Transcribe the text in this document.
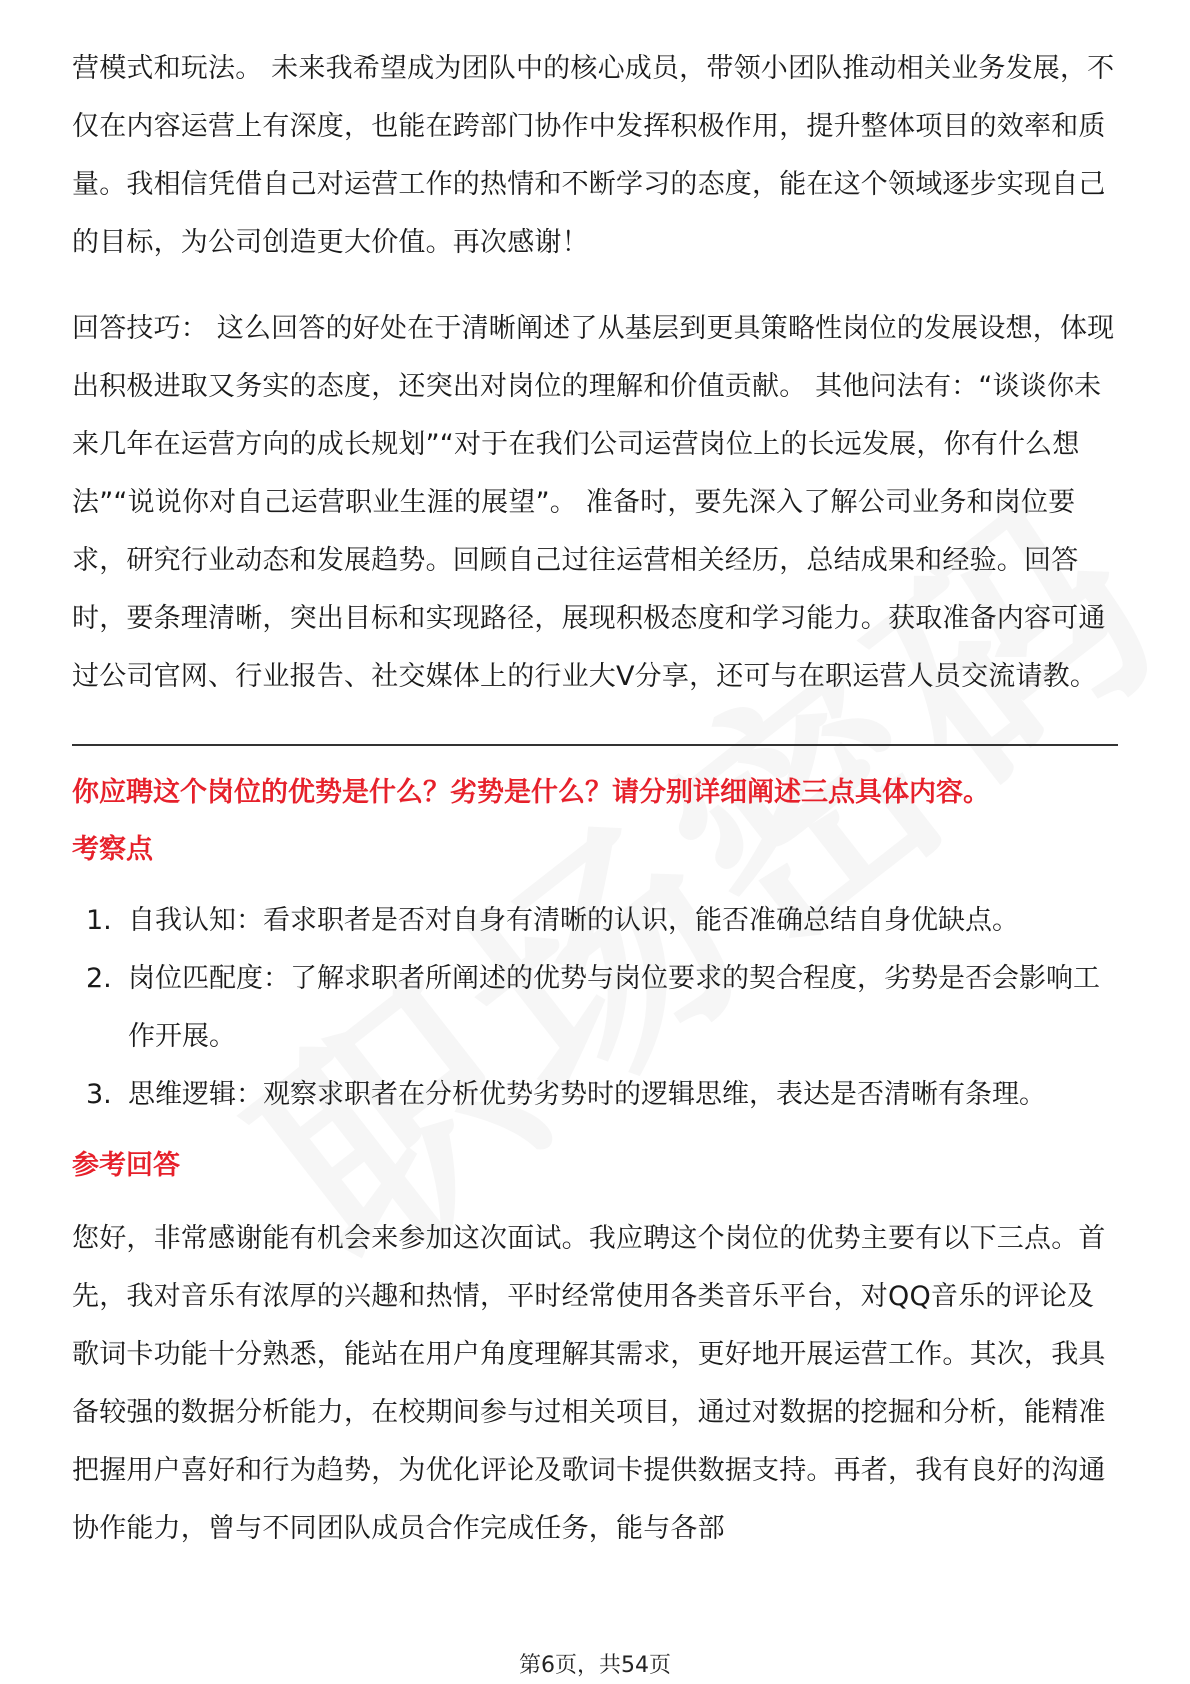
营模式和玩法。 未来我希望成为团队中的核心成员，带领小团队推动相关业务发展，不仅在内容运营上有深度，也能在跨部门协作中发挥积极作用，提升整体项目的效率和质量。我相信凭借自己对运营工作的热情和不断学习的态度，能在这个领域逐步实现自己的目标，为公司创造更大价值。再次感谢！

回答技巧： 这么回答的好处在于清晰阐述了从基层到更具策略性岗位的发展设想，体现出积极进取又务实的态度，还突出对岗位的理解和价值贡献。 其他问法有：“谈谈你未来几年在运营方向的成长规划”“对于在我们公司运营岗位上的长远发展，你有什么想法”“说说你对自己运营职业生涯的展望”。 准备时，要先深入了解公司业务和岗位要求，研究行业动态和发展趋势。回顾自己过往运营相关经历，总结成果和经验。回答时，要条理清晰，突出目标和实现路径，展现积极态度和学习能力。获取准备内容可通过公司官网、行业报告、社交媒体上的行业大V分享，还可与在职运营人员交流请教。

你应聘这个岗位的优势是什么？劣势是什么？请分别详细阐述三点具体内容。
考察点
1. 自我认知：看求职者是否对自身有清晰的认识，能否准确总结自身优缺点。
2. 岗位匹配度：了解求职者所阐述的优势与岗位要求的契合程度，劣势是否会影响工作开展。
3. 思维逻辑：观察求职者在分析优势劣势时的逻辑思维，表达是否清晰有条理。
参考回答

您好，非常感谢能有机会来参加这次面试。我应聘这个岗位的优势主要有以下三点。首先，我对音乐有浓厚的兴趣和热情，平时经常使用各类音乐平台，对QQ音乐的评论及歌词卡功能十分熟悉，能站在用户角度理解其需求，更好地开展运营工作。其次，我具备较强的数据分析能力，在校期间参与过相关项目，通过对数据的挖掘和分析，能精准把握用户喜好和行为趋势，为优化评论及歌词卡提供数据支持。再者，我有良好的沟通协作能力，曾与不同团队成员合作完成任务，能与各部

第6页，共54页
